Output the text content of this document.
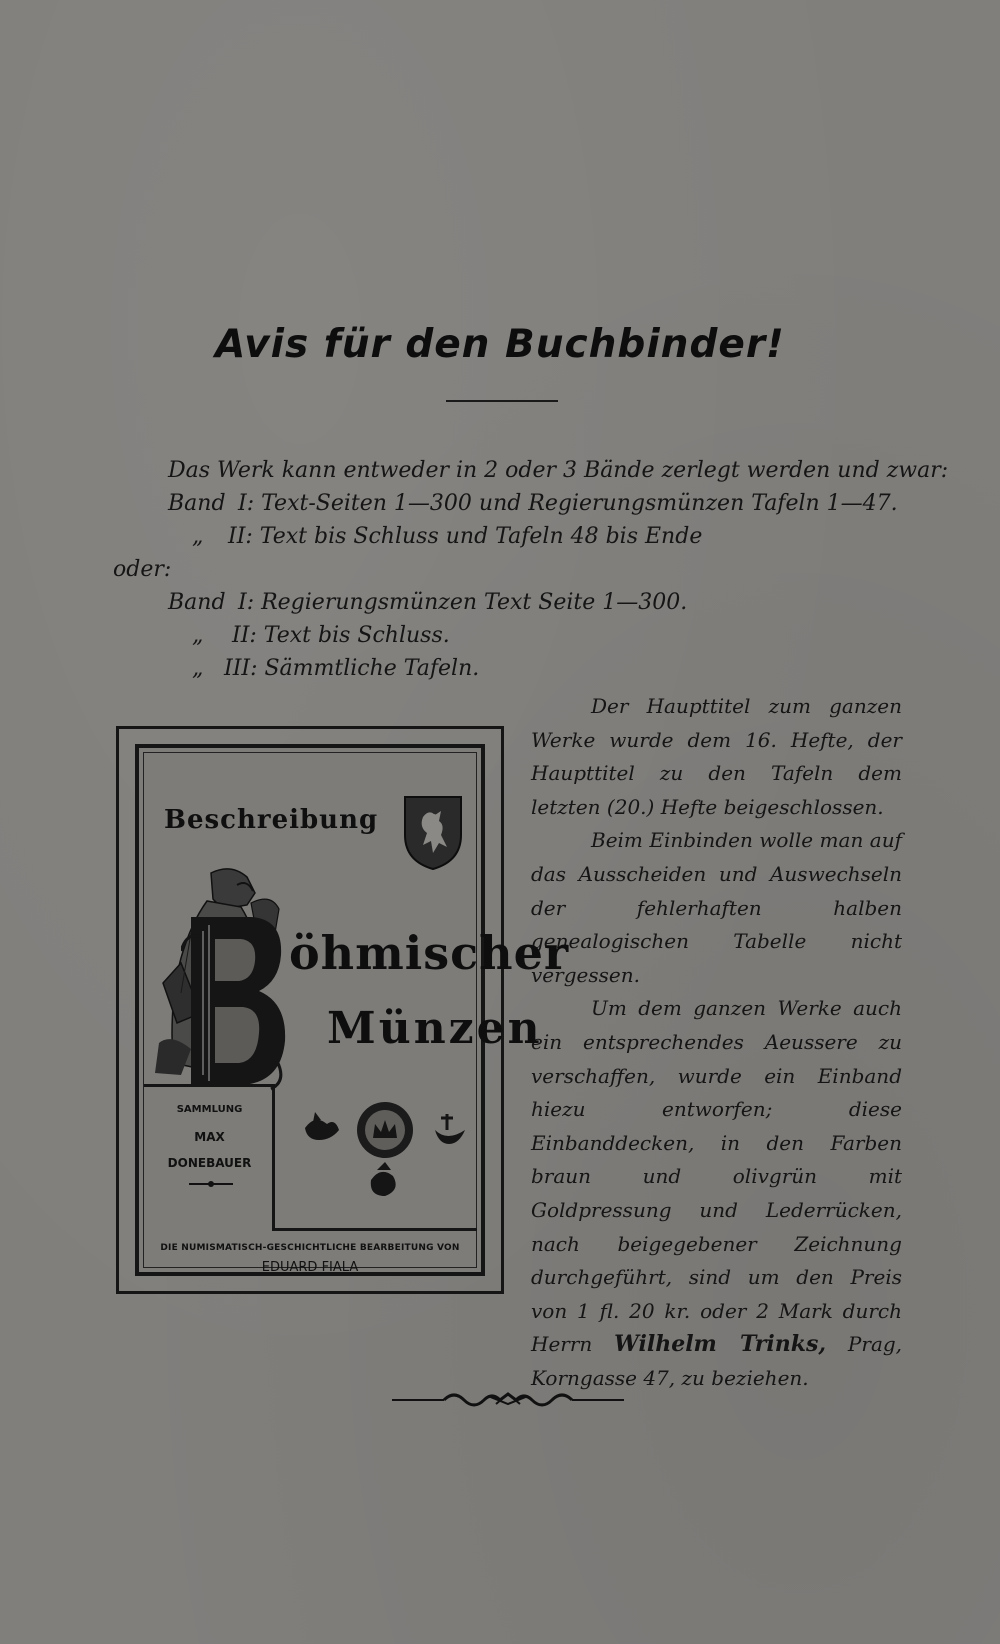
Avis für den Buchbinder!
Das Werk kann entweder in 2 oder 3 Bände zerlegt werden und zwar:
Band I: Text-Seiten 1—300 und Regierungsmünzen Tafeln 1—47.
„ II: Text bis Schluss und Tafeln 48 bis Ende
oder:
Band I: Regierungsmünzen Text Seite 1—300.
„ II: Text bis Schluss.
„ III: Sämmtliche Tafeln.

Der Haupttitel zum ganzen Werke wurde dem 16. Hefte, der Haupttitel zu den Tafeln dem letzten (20.) Hefte beigeschlossen.

Beim Einbinden wolle man auf das Ausscheiden und Auswechseln der fehlerhaften halben genealogischen Tabelle nicht vergessen.

Um dem ganzen Werke auch ein entsprechendes Aeussere zu verschaffen, wurde ein Einband hiezu entworfen; diese Einbanddecken, in den Farben braun und olivgrün mit Goldpressung und Lederrücken, nach beigegebener Zeichnung durchgeführt, sind um den Preis von 1 fl. 20 kr. oder 2 Mark durch Herrn Wilhelm Trinks, Prag, Korngasse 47, zu beziehen.

Beschreibung
öhmischer
Münzen
SAMMLUNG
MAX
DONEBAUER
DIE NUMISMATISCH-GESCHICHTLICHE BEARBEITUNG VON
EDUARD FIALA
